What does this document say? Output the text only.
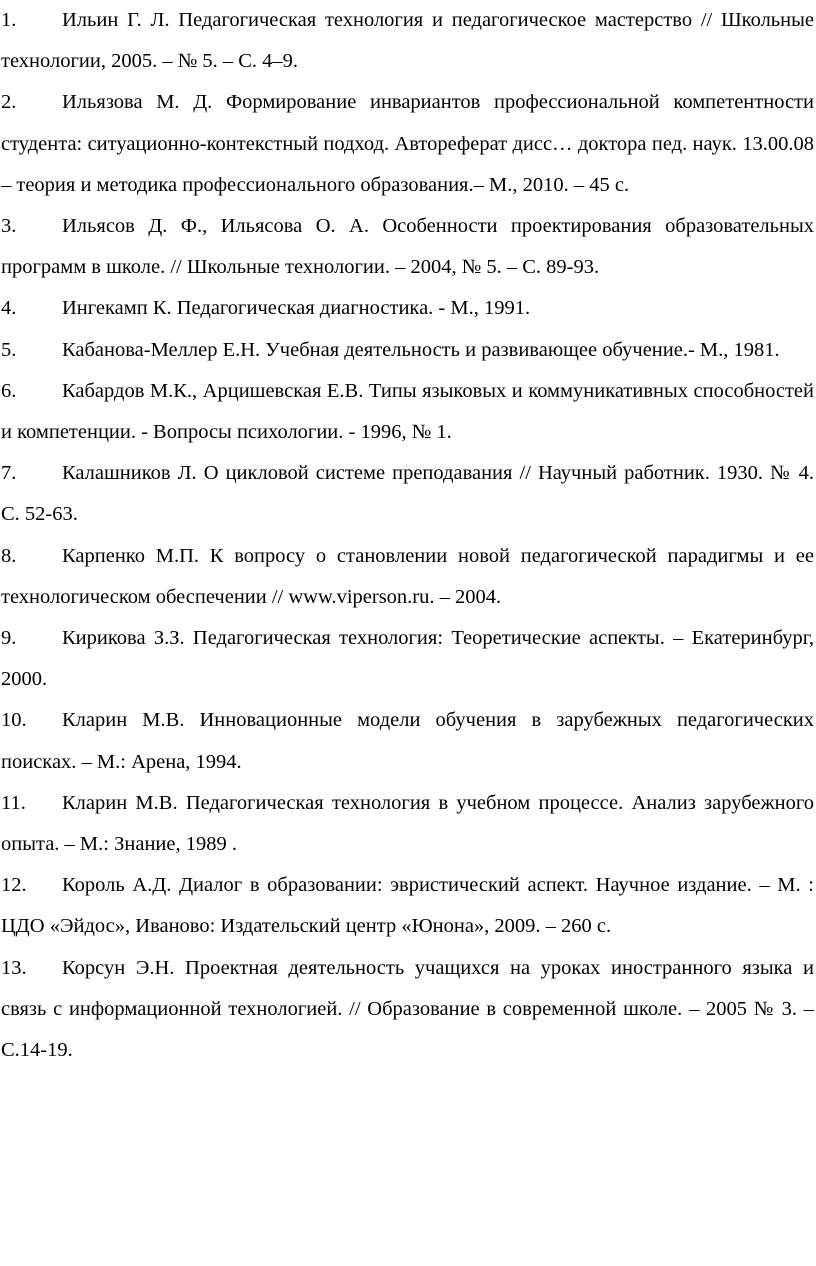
1. Ильин Г. Л. Педагогическая технология и педагогическое мастерство // Школьные технологии, 2005. – № 5. – С. 4–9.
2. Ильязова М. Д. Формирование инвариантов профессиональной компетентности студента: ситуационно-контекстный подход. Автореферат дисс… доктора пед. наук. 13.00.08 – теория и методика профессионального образования.– М., 2010. – 45 с.
3. Ильясов Д. Ф., Ильясова О. А. Особенности проектирования образовательных программ в школе. // Школьные технологии. – 2004, № 5. – С. 89-93.
4. Ингекамп К. Педагогическая диагностика. - М., 1991.
5. Кабанова-Меллер Е.Н. Учебная деятельность и развивающее обучение.- М., 1981.
6. Кабардов М.К., Арцишевская Е.В. Типы языковых и коммуникативных способностей и компетенции. - Вопросы психологии. - 1996, № 1.
7. Калашников Л. О цикловой системе преподавания // Научный работник. 1930. № 4. С. 52-63.
8. Карпенко М.П. К вопросу о становлении новой педагогической парадигмы и ее технологическом обеспечении // www.viperson.ru. – 2004.
9. Кирикова З.З. Педагогическая технология: Теоретические аспекты. – Екатеринбург, 2000.
10. Кларин М.В. Инновационные модели обучения в зарубежных педагогических поисках. – М.: Арена, 1994.
11. Кларин М.В. Педагогическая технология в учебном процессе. Анализ зарубежного опыта. – М.: Знание, 1989 .
12. Король А.Д. Диалог в образовании: эвристический аспект. Научное издание. – М. : ЦДО «Эйдос», Иваново: Издательский центр «Юнона», 2009. – 260 с.
13. Корсун Э.Н. Проектная деятельность учащихся на уроках иностранного языка и связь с информационной технологией. // Образование в современной школе. – 2005 № 3. – С.14-19.
